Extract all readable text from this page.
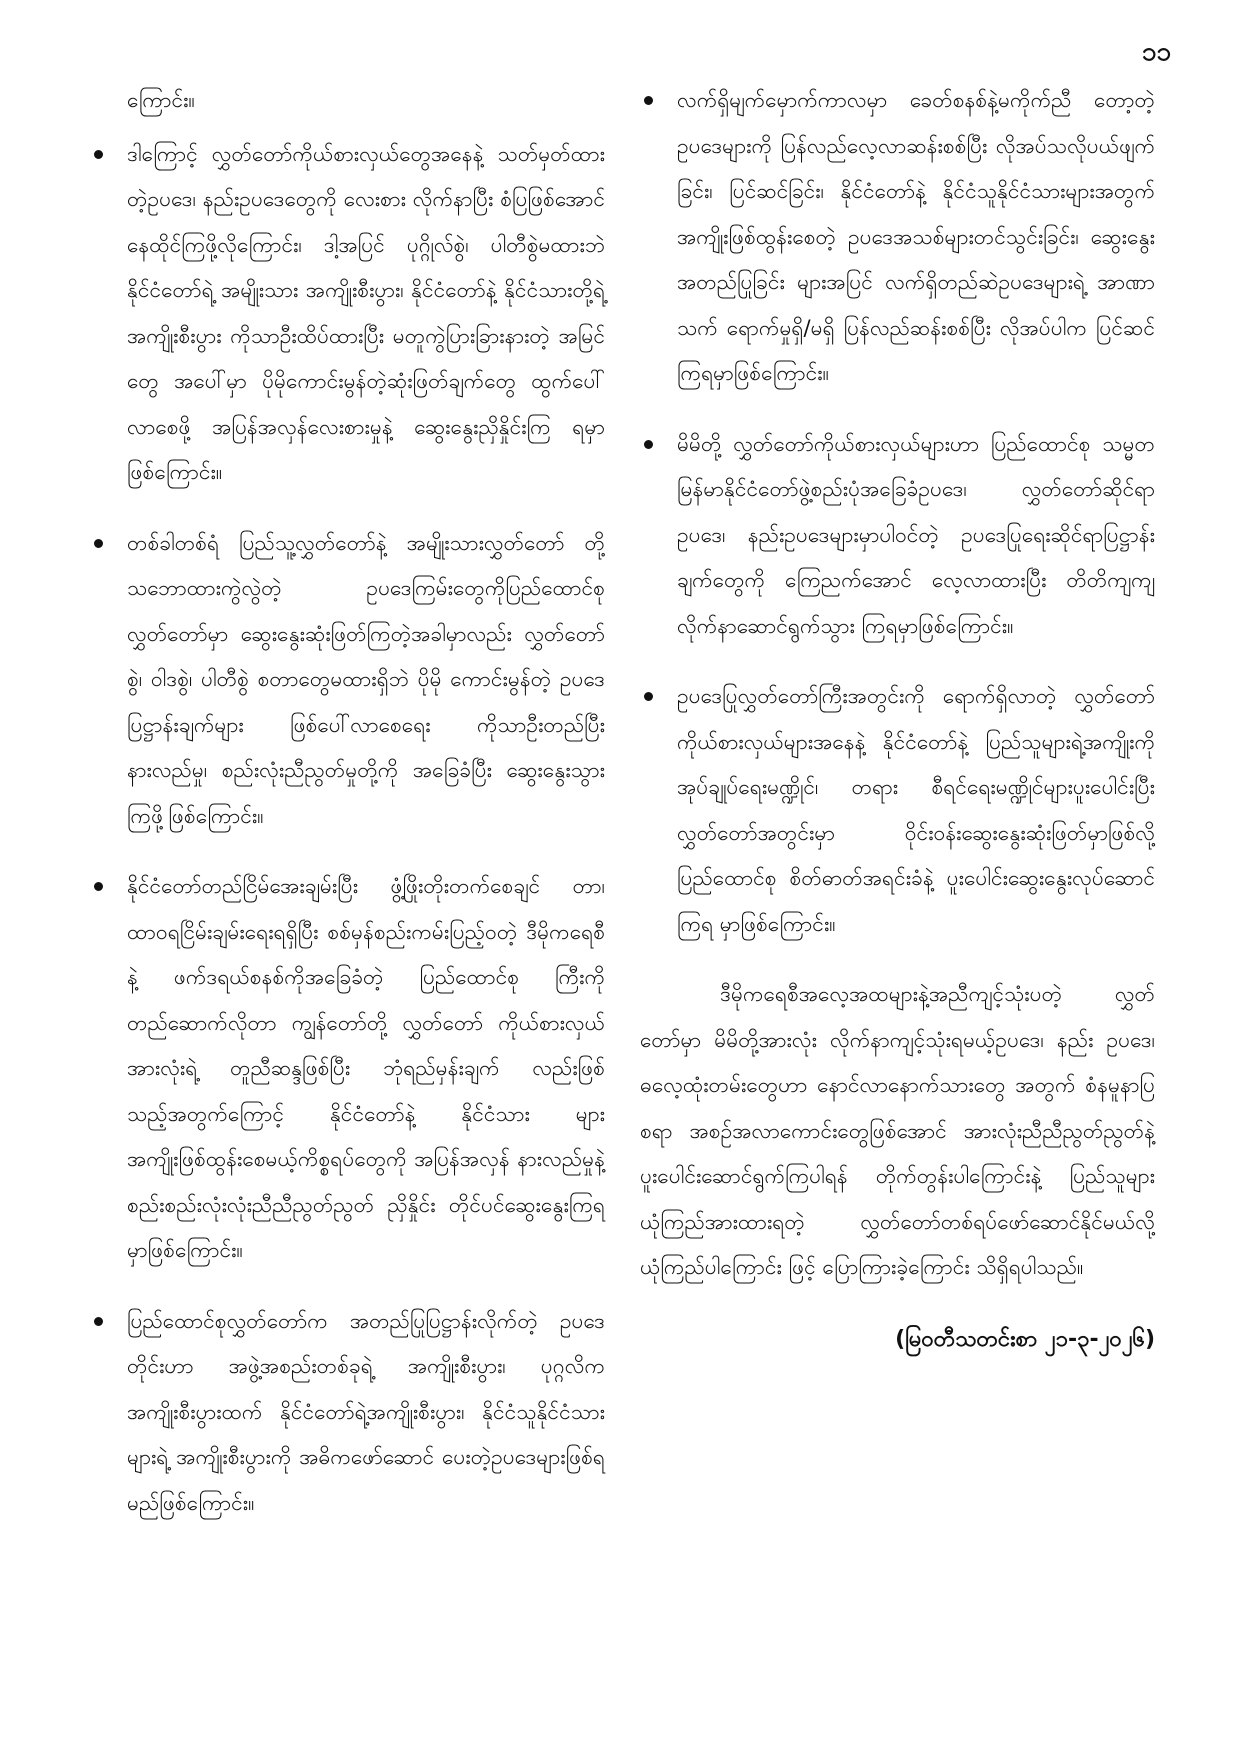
၁၁

ကြောင်း။

ဒါကြောင့် လွှတ်တော်ကိုယ်စားလှယ်တွေအနေနဲ့ သတ်မှတ်ထားတဲ့ဥပဒေ၊ နည်းဥပဒေတွေကို လေးစား လိုက်နာပြီး စံပြဖြစ်အောင်နေထိုင်ကြဖို့လိုကြောင်း၊ ဒါ့အပြင် ပုဂ္ဂိုလ်စွဲ၊ ပါတီစွဲမထားဘဲ နိုင်ငံတော်ရဲ့ အမျိုးသား အကျိုးစီးပွား၊ နိုင်ငံတော်နဲ့ နိုင်ငံသားတို့ရဲ့ အကျိုးစီးပွား ကိုသာဦးထိပ်ထားပြီး မတူကွဲပြားခြားနားတဲ့ အမြင်တွေ အပေါ်မှာ ပိုမိုကောင်းမွန်တဲ့ဆုံးဖြတ်ချက်တွေ ထွက်ပေါ် လာစေဖို့ အပြန်အလှန်လေးစားမှုနဲ့ ဆွေးနွေးညှိနှိုင်းကြ ရမှာဖြစ်ကြောင်း။

တစ်ခါတစ်ရံ ပြည်သူ့လွှတ်တော်နဲ့ အမျိုးသားလွှတ်တော် တို့သဘောထားကွဲလွဲတဲ့ ဥပဒေကြမ်းတွေကိုပြည်ထောင်စု လွှတ်တော်မှာ ဆွေးနွေးဆုံးဖြတ်ကြတဲ့အခါမှာလည်း လွှတ်တော်စွဲ၊ ဝါဒစွဲ၊ ပါတီစွဲ စတာတွေမထားရှိဘဲ ပိုမို ကောင်းမွန်တဲ့ ဥပဒေပြဋ္ဌာန်းချက်များ ဖြစ်ပေါ်လာစေရေး ကိုသာဦးတည်ပြီး နားလည်မှု၊ စည်းလုံးညီညွတ်မှုတို့ကို အခြေခံပြီး ဆွေးနွေးသွားကြဖို့ဖြစ်ကြောင်း။

နိုင်ငံတော်တည်ငြိမ်အေးချမ်းပြီး ဖွံ့ဖြိုးတိုးတက်စေချင် တာ၊ ထာဝရငြိမ်းချမ်းရေးရရှိပြီး စစ်မှန်စည်းကမ်းပြည့်ဝတဲ့ ဒီမိုကရေစီနဲ့ ဖက်ဒရယ်စနစ်ကိုအခြေခံတဲ့ ပြည်ထောင်စု ကြီးကိုတည်ဆောက်လိုတာ ကျွန်တော်တို့ လွှတ်တော် ကိုယ်စားလှယ်အားလုံးရဲ့ တူညီဆန္ဒဖြစ်ပြီး ဘုံရည်မှန်းချက် လည်းဖြစ်သည့်အတွက်ကြောင့် နိုင်ငံတော်နဲ့ နိုင်ငံသား များ အကျိုးဖြစ်ထွန်းစေမယ့်ကိစ္စရပ်တွေကို အပြန်အလှန် နားလည်မှုနဲ့ စည်းစည်းလုံးလုံးညီညီညွတ်ညွတ် ညှိနှိုင်း တိုင်ပင်ဆွေးနွေးကြရမှာဖြစ်ကြောင်း။

ပြည်ထောင်စုလွှတ်တော်က အတည်ပြုပြဋ္ဌာန်းလိုက်တဲ့ ဥပဒေတိုင်းဟာ အဖွဲ့အစည်းတစ်ခုရဲ့ အကျိုးစီးပွား၊ ပုဂ္ဂလိကအကျိုးစီးပွားထက် နိုင်ငံတော်ရဲ့အကျိုးစီးပွား၊ နိုင်ငံသူနိုင်ငံသားများရဲ့ အကျိုးစီးပွားကို အဓိကဖော်ဆောင် ပေးတဲ့ဥပဒေများဖြစ်ရမည်ဖြစ်ကြောင်း။

လက်ရှိမျက်မှောက်ကာလမှာ ခေတ်စနစ်နဲ့မကိုက်ညီ တော့တဲ့ဥပဒေများကို ပြန်လည်လေ့လာဆန်းစစ်ပြီး လိုအပ်သလိုပယ်ဖျက်ခြင်း၊ ပြင်ဆင်ခြင်း၊ နိုင်ငံတော်နဲ့ နိုင်ငံသူနိုင်ငံသားများအတွက် အကျိုးဖြစ်ထွန်းစေတဲ့ ဥပဒေအသစ်များတင်သွင်းခြင်း၊ ဆွေးနွေးအတည်ပြုခြင်း များအပြင် လက်ရှိတည်ဆဲဥပဒေများရဲ့ အာဏာသက် ရောက်မှုရှိ/မရှိ ပြန်လည်ဆန်းစစ်ပြီး လိုအပ်ပါက ပြင်ဆင် ကြရမှာဖြစ်ကြောင်း။

မိမိတို့ လွှတ်တော်ကိုယ်စားလှယ်များဟာ ပြည်ထောင်စု သမ္မတ မြန်မာနိုင်ငံတော်ဖွဲ့စည်းပုံအခြေခံဥပဒေ၊ လွှတ်တော်ဆိုင်ရာဥပဒေ၊ နည်းဥပဒေများမှာပါဝင်တဲ့ ဥပဒေပြုရေးဆိုင်ရာပြဋ္ဌာန်းချက်တွေကို ကြေညက်အောင် လေ့လာထားပြီး တိတိကျကျလိုက်နာဆောင်ရွက်သွား ကြရမှာဖြစ်ကြောင်း။

ဥပဒေပြုလွှတ်တော်ကြီးအတွင်းကို ရောက်ရှိလာတဲ့ လွှတ်တော်ကိုယ်စားလှယ်များအနေနဲ့ နိုင်ငံတော်နဲ့ ပြည်သူများရဲ့အကျိုးကို အုပ်ချုပ်ရေးမဏ္ဍိုင်၊ တရား စီရင်ရေးမဏ္ဍိုင်များပူးပေါင်းပြီး လွှတ်တော်အတွင်းမှာ ဝိုင်းဝန်းဆွေးနွေးဆုံးဖြတ်မှာဖြစ်လို့ ပြည်ထောင်စု စိတ်ဓာတ်အရင်းခံနဲ့ ပူးပေါင်းဆွေးနွေးလုပ်ဆောင်ကြရ မှာဖြစ်ကြောင်း။

ဒီမိုကရေစီအလေ့အထများနဲ့အညီကျင့်သုံးပတဲ့ လွှတ် တော်မှာ မိမိတို့အားလုံး လိုက်နာကျင့်သုံးရမယ့်ဥပဒေ၊ နည်း ဥပဒေ၊ ဓလေ့ထုံးတမ်းတွေဟာ နောင်လာနောက်သားတွေ အတွက် စံနမူနာပြစရာ အစဉ်အလာကောင်းတွေဖြစ်အောင် အားလုံးညီညီညွတ်ညွတ်နဲ့ ပူးပေါင်းဆောင်ရွက်ကြပါရန် တိုက်တွန်းပါကြောင်းနဲ့ ပြည်သူများယုံကြည်အားထားရတဲ့ လွှတ်တော်တစ်ရပ်ဖော်ဆောင်နိုင်မယ်လို့ ယုံကြည်ပါကြောင်း ဖြင့် ပြောကြားခဲ့ကြောင်း သိရှိရပါသည်။

(မြဝတီသတင်းစာ ၂၁-၃-၂၀၂၆)
